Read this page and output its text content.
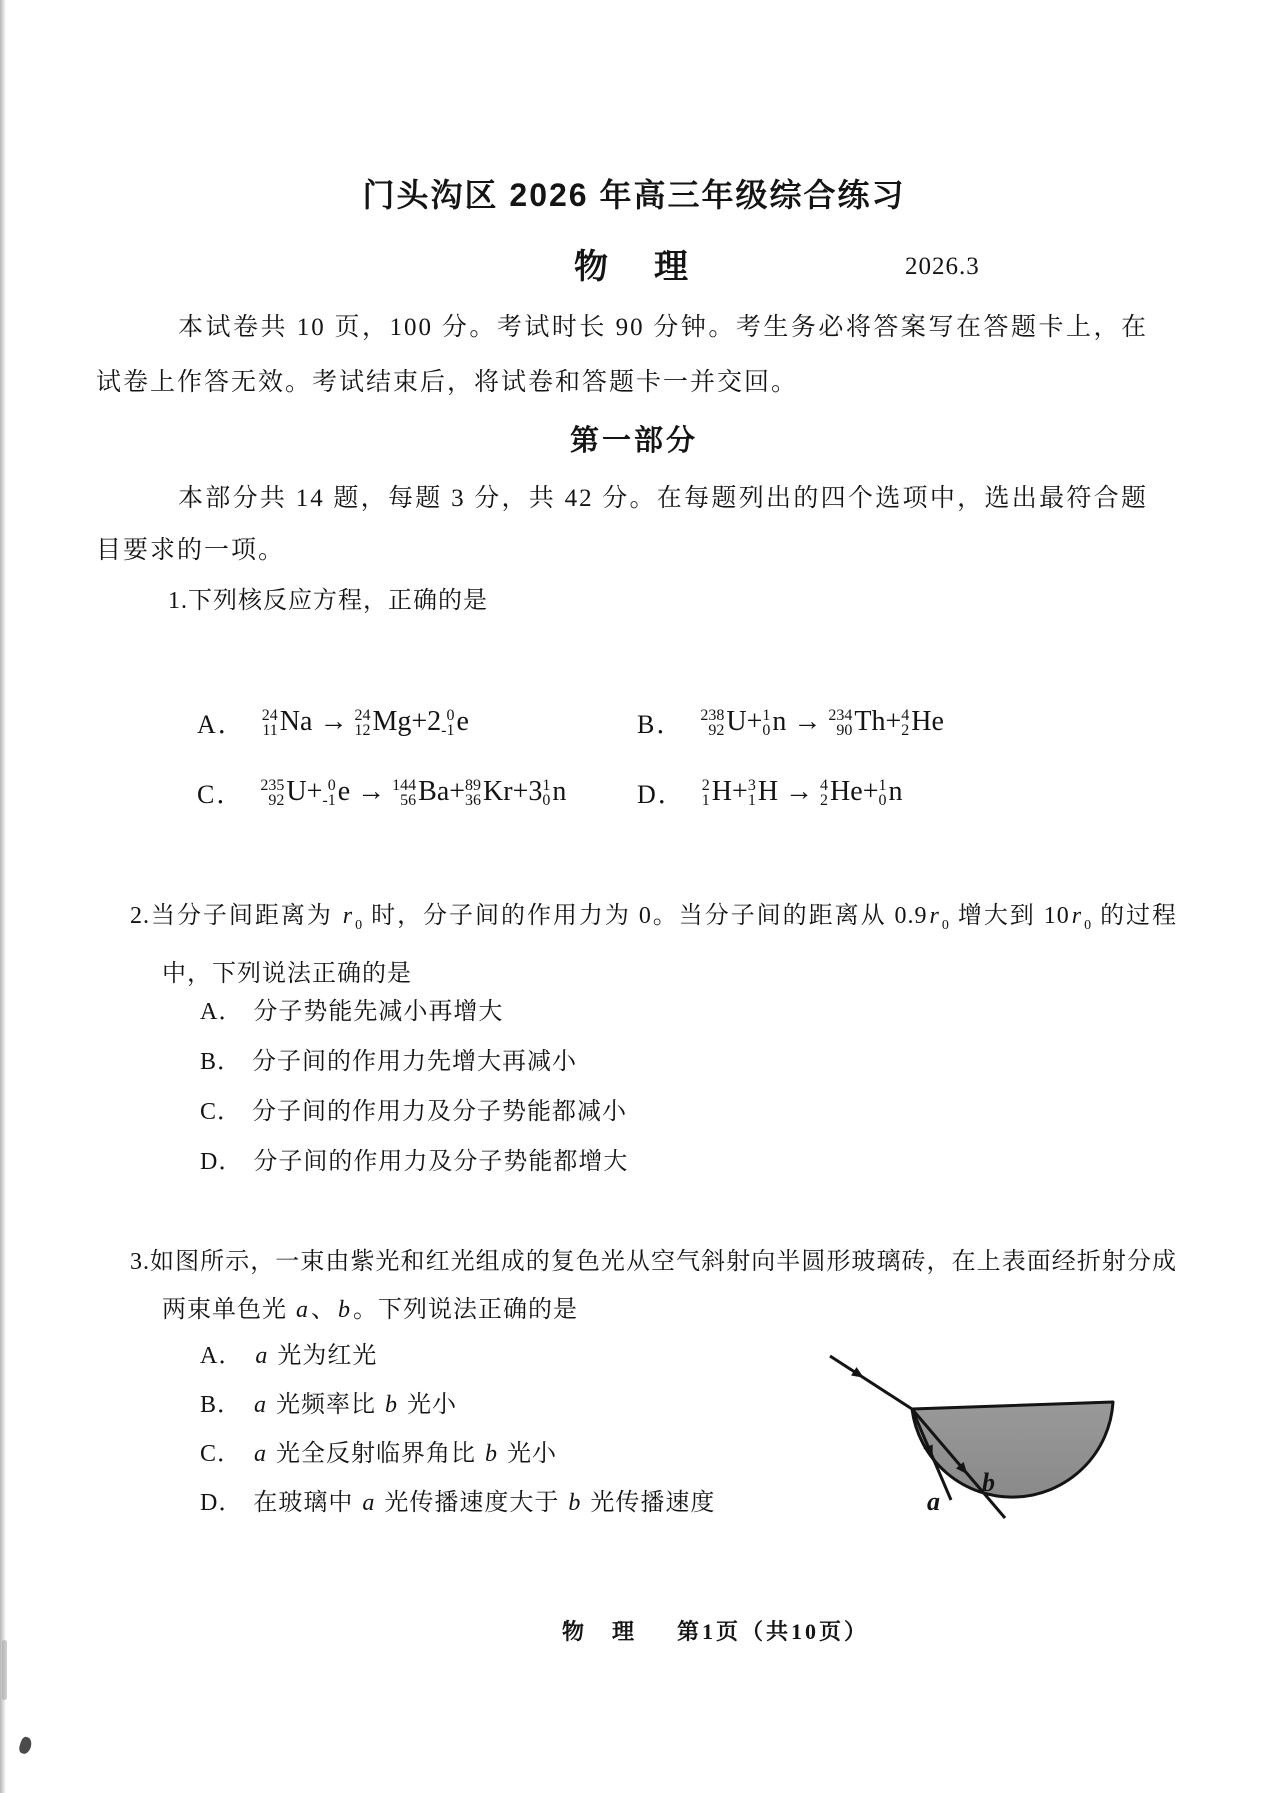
门头沟区 2026 年高三年级综合练习
物　理	2026.3

本试卷共 10 页，100 分。考试时长 90 分钟。考生务必将答案写在答题卡上，在试卷上作答无效。考试结束后，将试卷和答题卡一并交回。

第一部分

本部分共 14 题，每题 3 分，共 42 分。在每题列出的四个选项中，选出最符合题目要求的一项。

1.下列核反应方程，正确的是
A． 24
11 Na → 24
12 Mg +2 0
-1 e	B． 238
92 U + 1
0 n → 234
90 Th + 4
2 He
C． 235
92 U + 0
-1 e → 144
56 Ba + 89
36 Kr +3 1
0 n	D． 2
1 H + 3
1 H → 4
2 He + 1
0 n
2.当分子间距离为 r $_0$ 时，分子间的作用力为 0。当分子间的距离从 0.9r $_0$ 增大到 10r $_0$ 的过程中，下列说法正确的是
A． 分子势能先减小再增大
B． 分子间的作用力先增大再减小
C． 分子间的作用力及分子势能都减小
D． 分子间的作用力及分子势能都增大
3.如图所示，一束由紫光和红光组成的复色光从空气斜射向半圆形玻璃砖，在上表面经折射分成两束单色光 a、b。下列说法正确的是
A． a 光为红光
B． a 光频率比 b 光小
C． a 光全反射临界角比 b 光小
D． 在玻璃中 a 光传播速度大于 b 光传播速度	a
b
物　理 第1页（共10页）
